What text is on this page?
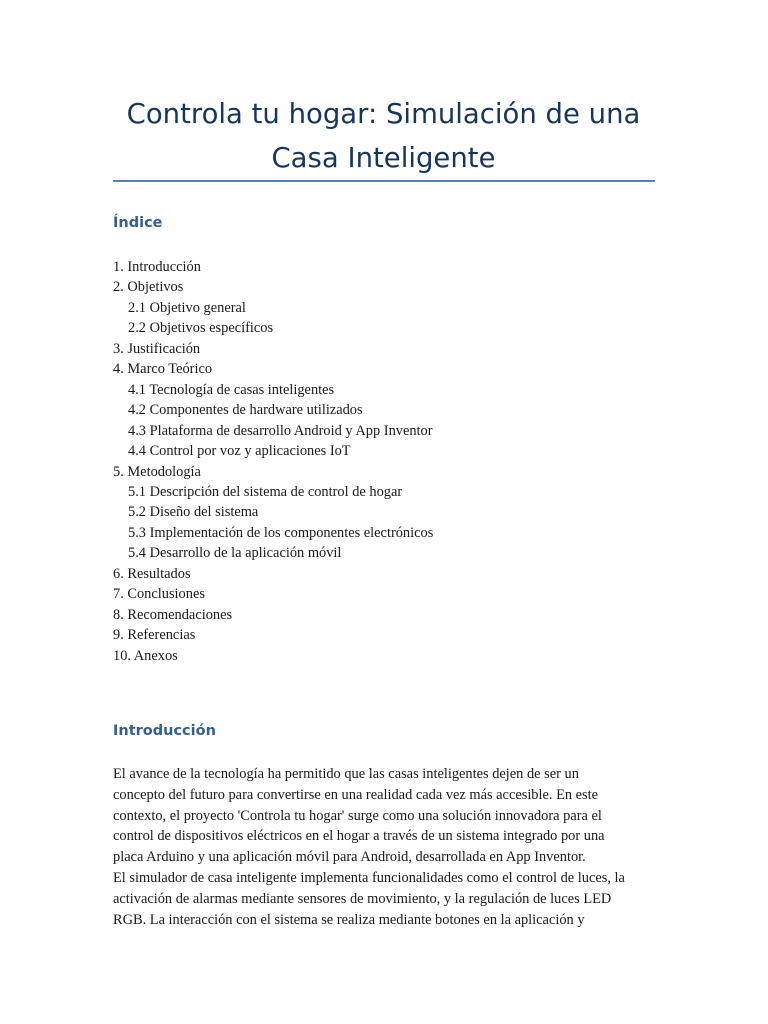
Controla tu hogar: Simulación de una
Casa Inteligente
Índice
1. Introducción
2. Objetivos
2.1 Objetivo general
2.2 Objetivos específicos
3. Justificación
4. Marco Teórico
4.1 Tecnología de casas inteligentes
4.2 Componentes de hardware utilizados
4.3 Plataforma de desarrollo Android y App Inventor
4.4 Control por voz y aplicaciones IoT
5. Metodología
5.1 Descripción del sistema de control de hogar
5.2 Diseño del sistema
5.3 Implementación de los componentes electrónicos
5.4 Desarrollo de la aplicación móvil
6. Resultados
7. Conclusiones
8. Recomendaciones
9. Referencias
10. Anexos
Introducción

El avance de la tecnología ha permitido que las casas inteligentes dejen de ser un
concepto del futuro para convertirse en una realidad cada vez más accesible. En este
contexto, el proyecto 'Controla tu hogar' surge como una solución innovadora para el
control de dispositivos eléctricos en el hogar a través de un sistema integrado por una
placa Arduino y una aplicación móvil para Android, desarrollada en App Inventor.
El simulador de casa inteligente implementa funcionalidades como el control de luces, la
activación de alarmas mediante sensores de movimiento, y la regulación de luces LED
RGB. La interacción con el sistema se realiza mediante botones en la aplicación y
